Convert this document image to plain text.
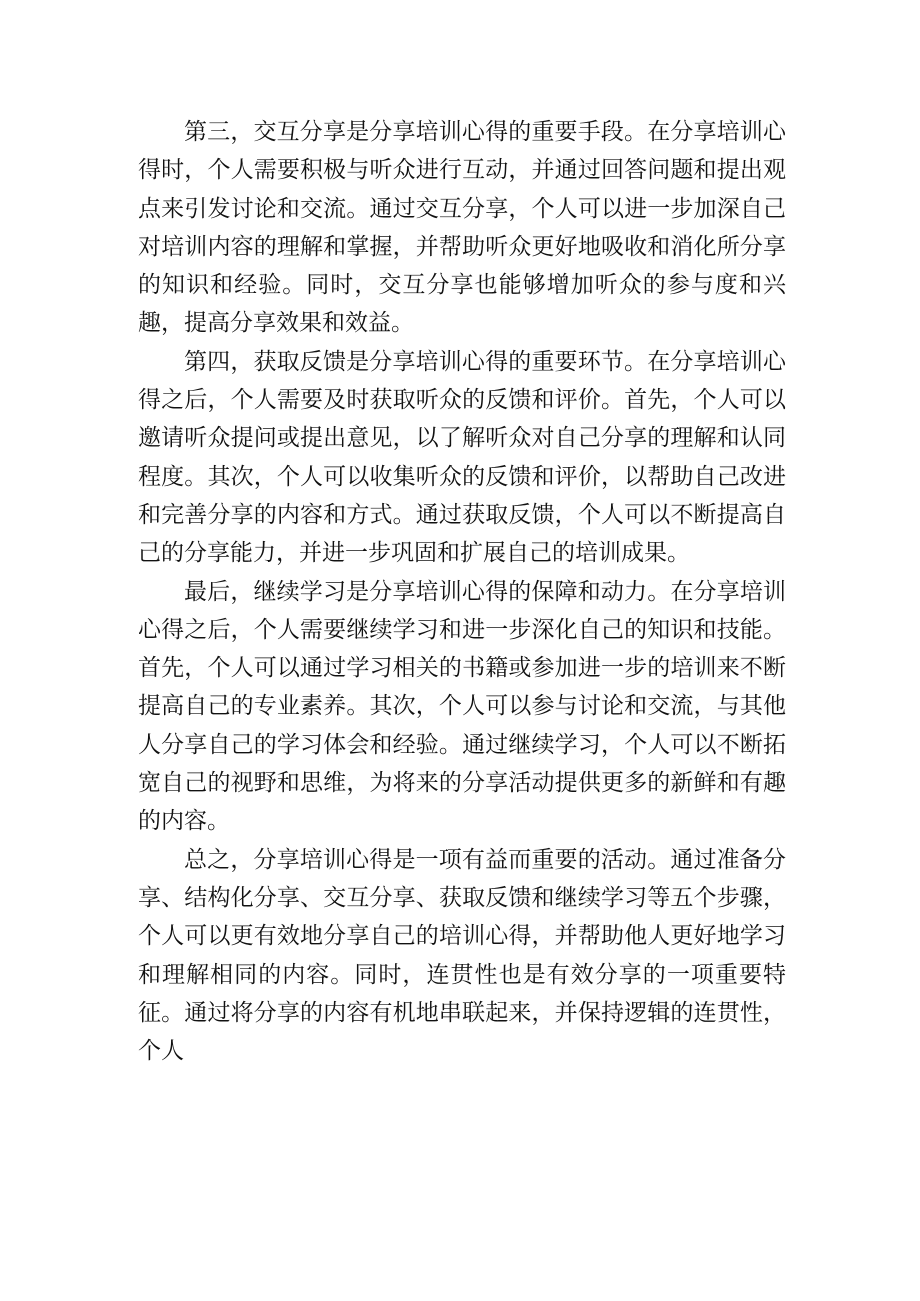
第三，交互分享是分享培训心得的重要手段。在分享培训心得时，个人需要积极与听众进行互动，并通过回答问题和提出观点来引发讨论和交流。通过交互分享，个人可以进一步加深自己对培训内容的理解和掌握，并帮助听众更好地吸收和消化所分享的知识和经验。同时，交互分享也能够增加听众的参与度和兴趣，提高分享效果和效益。

第四，获取反馈是分享培训心得的重要环节。在分享培训心得之后，个人需要及时获取听众的反馈和评价。首先，个人可以邀请听众提问或提出意见，以了解听众对自己分享的理解和认同程度。其次，个人可以收集听众的反馈和评价，以帮助自己改进和完善分享的内容和方式。通过获取反馈，个人可以不断提高自己的分享能力，并进一步巩固和扩展自己的培训成果。

最后，继续学习是分享培训心得的保障和动力。在分享培训心得之后，个人需要继续学习和进一步深化自己的知识和技能。首先，个人可以通过学习相关的书籍或参加进一步的培训来不断提高自己的专业素养。其次，个人可以参与讨论和交流，与其他人分享自己的学习体会和经验。通过继续学习，个人可以不断拓宽自己的视野和思维，为将来的分享活动提供更多的新鲜和有趣的内容。

总之，分享培训心得是一项有益而重要的活动。通过准备分享、结构化分享、交互分享、获取反馈和继续学习等五个步骤，个人可以更有效地分享自己的培训心得，并帮助他人更好地学习和理解相同的内容。同时，连贯性也是有效分享的一项重要特征。通过将分享的内容有机地串联起来，并保持逻辑的连贯性，个人
